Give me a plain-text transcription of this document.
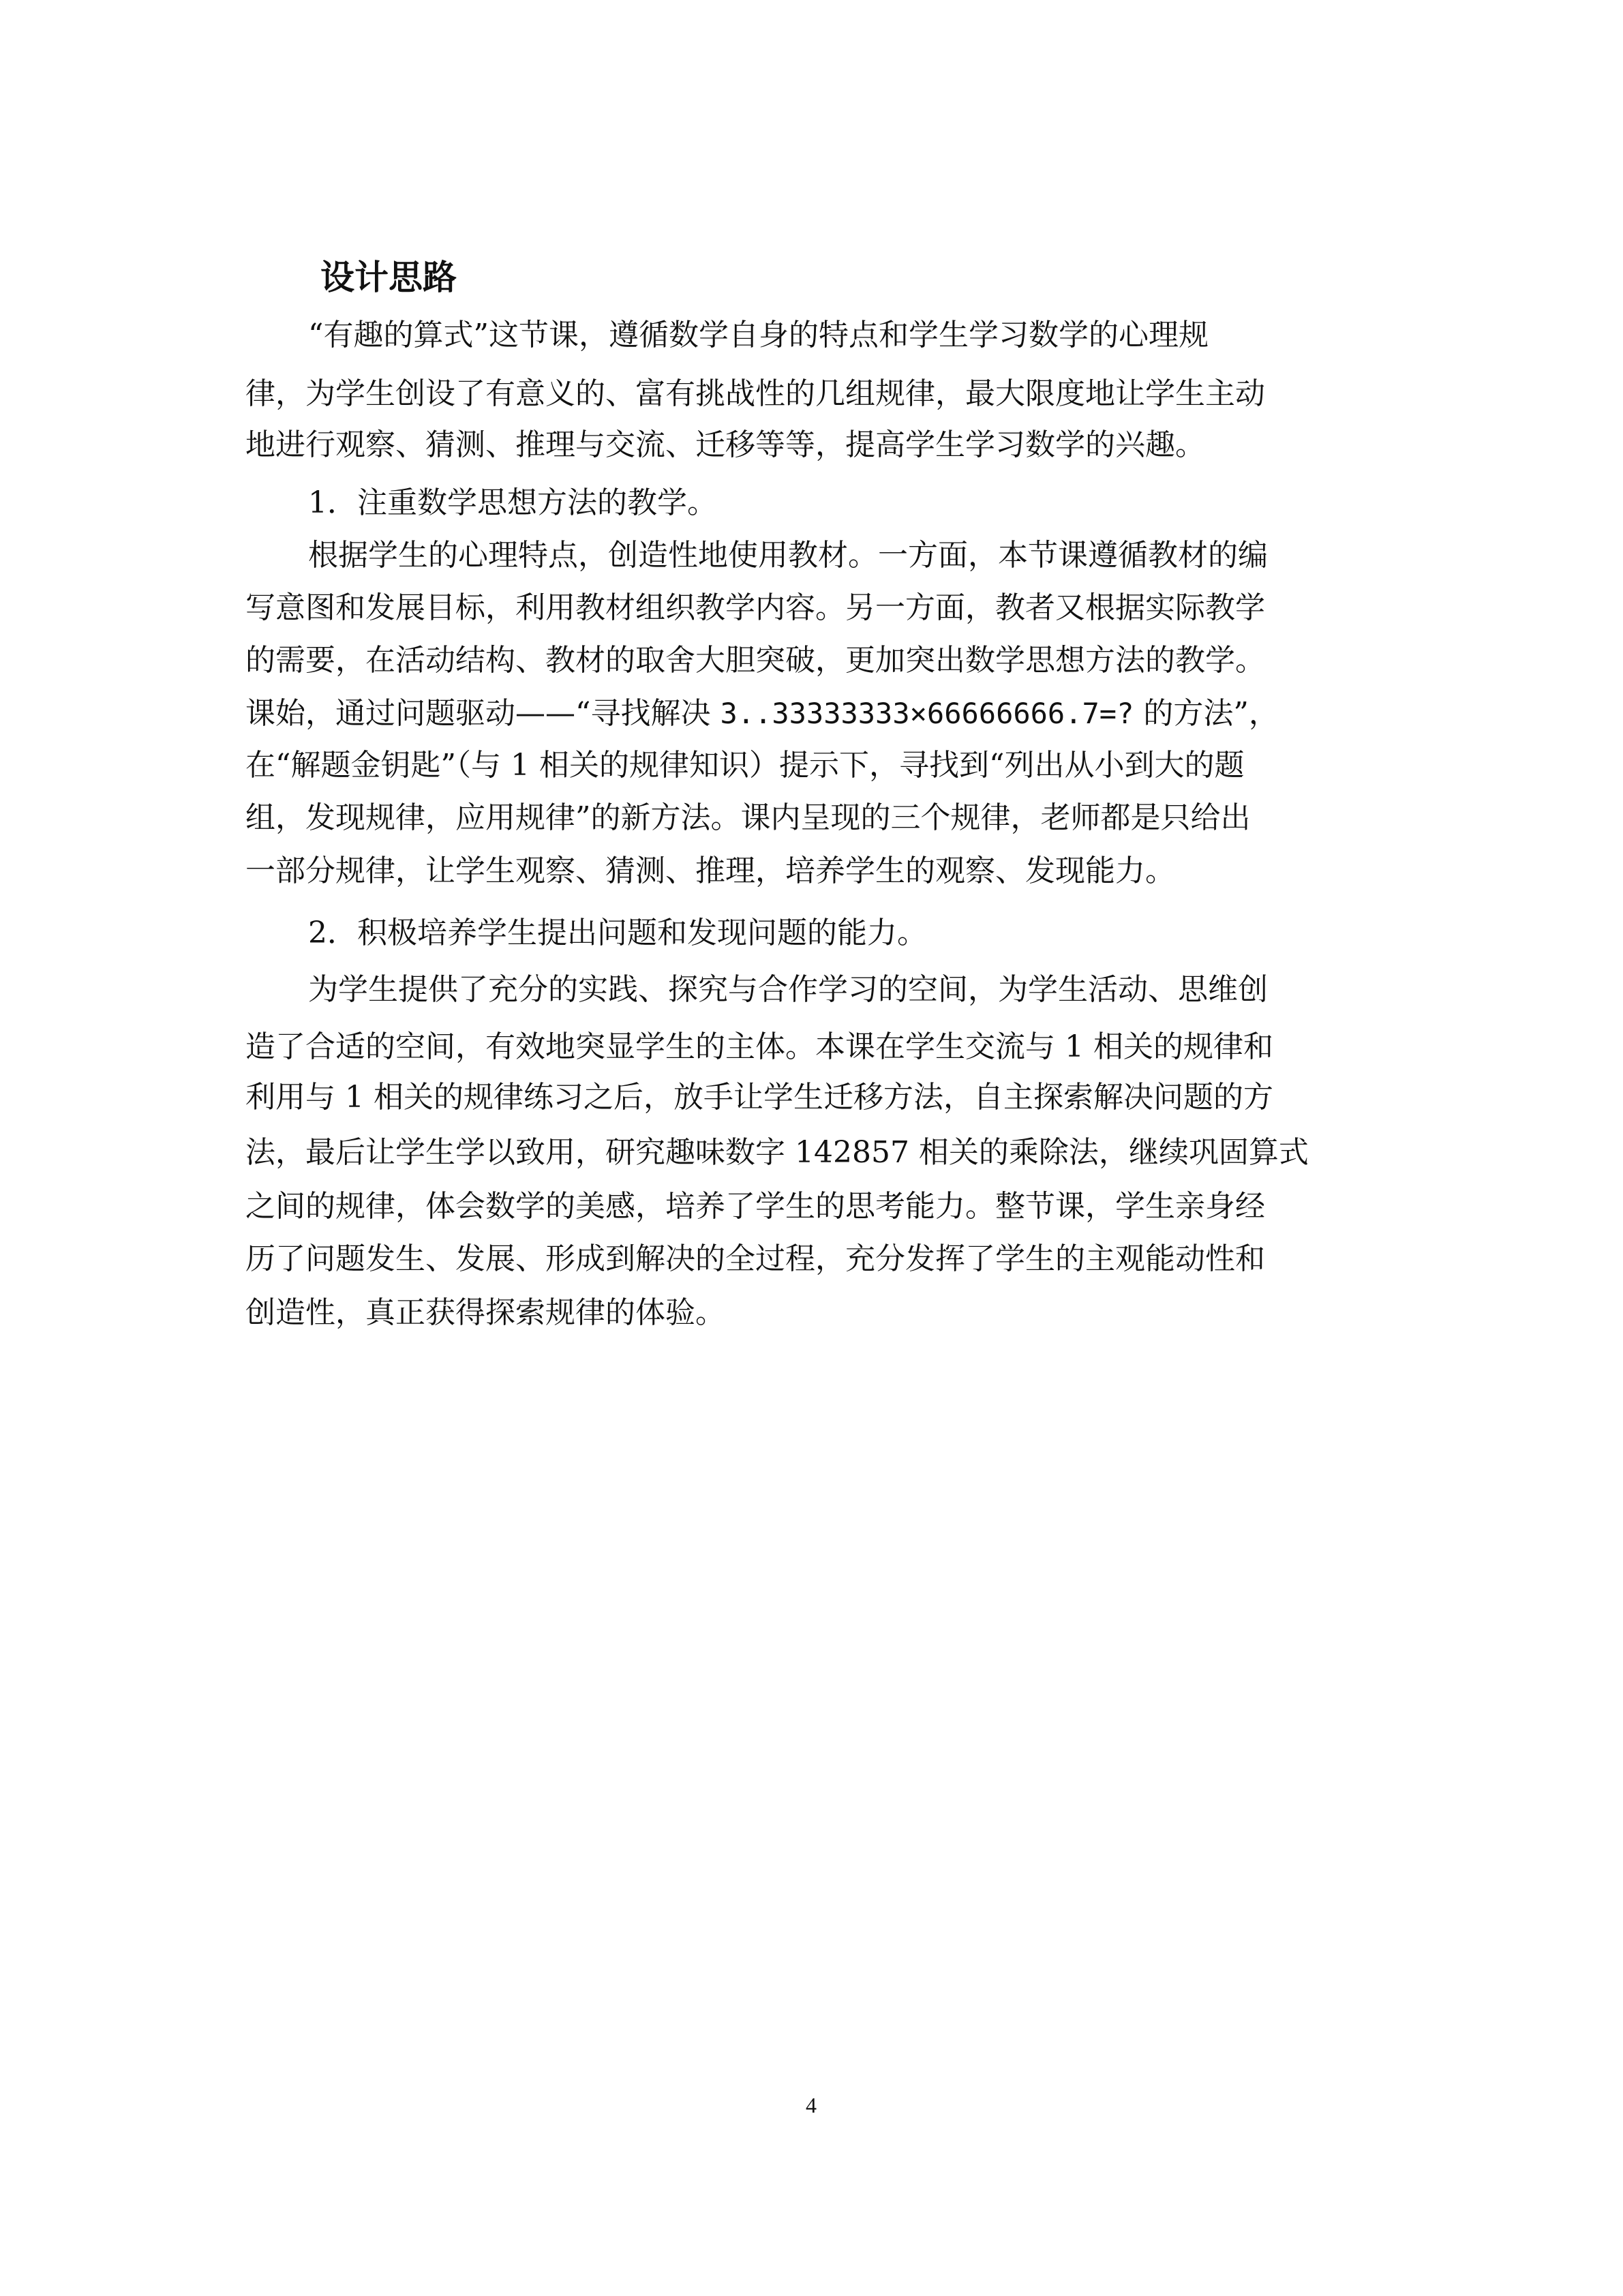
设计思路

“有趣的算式”这节课，遵循数学自身的特点和学生学习数学的心理规

律，为学生创设了有意义的、富有挑战性的几组规律，最大限度地让学生主动

地进行观察、猜测、推理与交流、迁移等等，提高学生学习数学的兴趣。

1．注重数学思想方法的教学。

根据学生的心理特点，创造性地使用教材。一方面，本节课遵循教材的编

写意图和发展目标，利用教材组织教学内容。另一方面，教者又根据实际教学

的需要，在活动结构、教材的取舍大胆突破，更加突出数学思想方法的教学。

课始，通过问题驱动——“寻找解决 3..33333333×66666666.7=? 的方法”，

在“解题金钥匙”（与 1 相关的规律知识）提示下，寻找到“列出从小到大的题

组，发现规律，应用规律”的新方法。课内呈现的三个规律，老师都是只给出

一部分规律，让学生观察、猜测、推理，培养学生的观察、发现能力。

2．积极培养学生提出问题和发现问题的能力。

为学生提供了充分的实践、探究与合作学习的空间，为学生活动、思维创

造了合适的空间，有效地突显学生的主体。本课在学生交流与 1 相关的规律和

利用与 1 相关的规律练习之后，放手让学生迁移方法，自主探索解决问题的方

法，最后让学生学以致用，研究趣味数字 142857 相关的乘除法，继续巩固算式

之间的规律，体会数学的美感，培养了学生的思考能力。整节课，学生亲身经

历了问题发生、发展、形成到解决的全过程，充分发挥了学生的主观能动性和

创造性，真正获得探索规律的体验。

4
